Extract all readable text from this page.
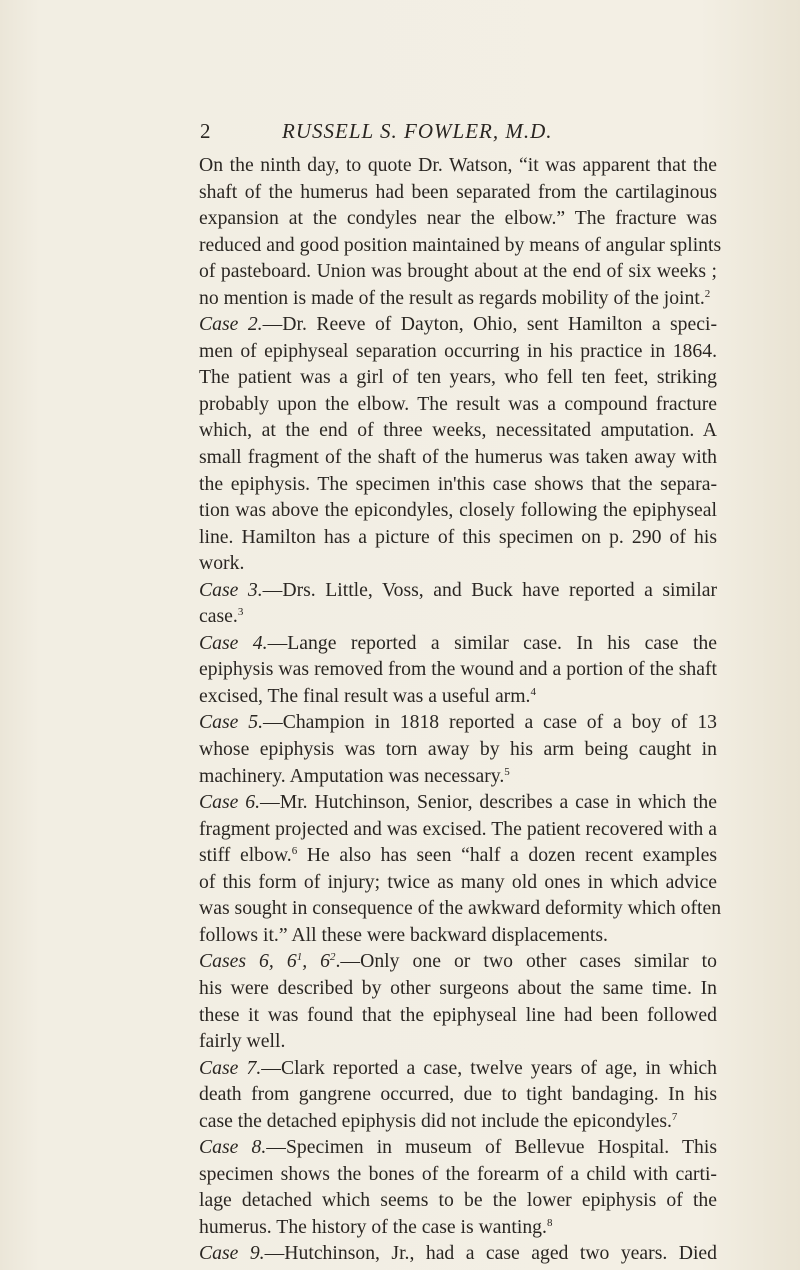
2	RUSSELL S. FOWLER, M.D.
On the ninth day, to quote Dr. Watson, “it was apparent that the
shaft of the humerus had been separated from the cartilaginous
expansion at the condyles near the elbow.” The fracture was
reduced and good position maintained by means of angular splints
of pasteboard. Union was brought about at the end of six weeks ;
no mention is made of the result as regards mobility of the joint.$^2$
Case 2.—Dr. Reeve of Dayton, Ohio, sent Hamilton a speci-
men of epiphyseal separation occurring in his practice in 1864.
The patient was a girl of ten years, who fell ten feet, striking
probably upon the elbow. The result was a compound fracture
which, at the end of three weeks, necessitated amputation. A
small fragment of the shaft of the humerus was taken away with
the epiphysis. The specimen in'this case shows that the separa-
tion was above the epicondyles, closely following the epiphyseal
line. Hamilton has a picture of this specimen on p. 290 of his
work.
Case 3.—Drs. Little, Voss, and Buck have reported a similar
case.$^3$
Case 4.—Lange reported a similar case. In his case the
epiphysis was removed from the wound and a portion of the shaft
excised, The final result was a useful arm.$^4$
Case 5.—Champion in 1818 reported a case of a boy of 13
whose epiphysis was torn away by his arm being caught in
machinery. Amputation was necessary.$^5$
Case 6.—Mr. Hutchinson, Senior, describes a case in which the
fragment projected and was excised. The patient recovered with a
stiff elbow.$^6$ He also has seen “half a dozen recent examples
of this form of injury; twice as many old ones in which advice
was sought in consequence of the awkward deformity which often
follows it.” All these were backward displacements.
Cases 6, $6^1$, $6^2.—Only$ one or two other cases similar to
his were described by other surgeons about the same time. In
these it was found that the epiphyseal line had been followed
fairly well.
Case 7.—Clark reported a case, twelve years of age, in which
death from gangrene occurred, due to tight bandaging. In his
case the detached epiphysis did not include the epicondyles.$^7$
Case 8.—Specimen in museum of Bellevue Hospital. This
specimen shows the bones of the forearm of a child with carti-
lage detached which seems to be the lower epiphysis of the
humerus. The history of the case is wanting.$^8$
Case 9.—Hutchinson, Jr., had a case aged two years. Died
